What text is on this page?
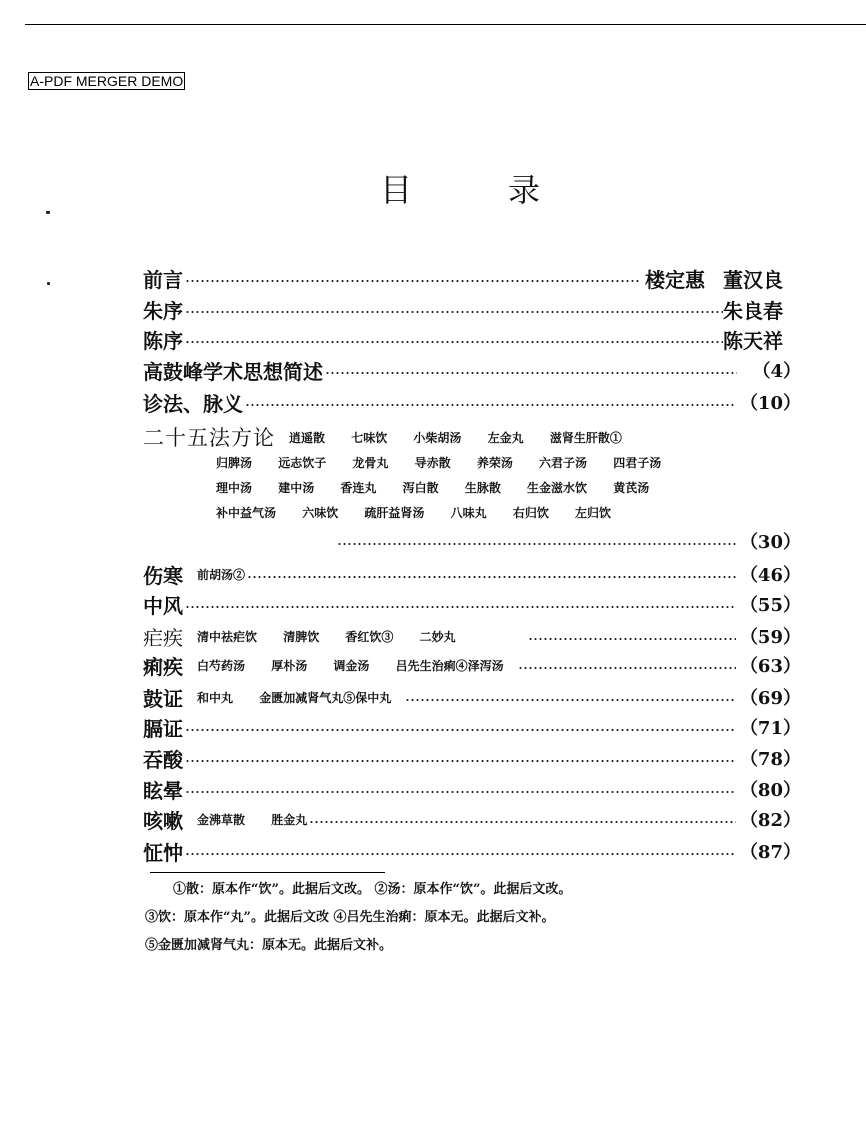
A-PDF MERGER DEMO
目	录
前言	楼定惠 董汉良
朱序	朱良春
陈序	陈天祥
高鼓峰学术思想简述	（4）
诊法、脉义	（10）
二十五法方论 逍遥散 七味饮 小柴胡汤 左金丸 滋肾生肝散①
归脾汤 远志饮子 龙骨丸 导赤散 养荣汤 六君子汤 四君子汤
理中汤 建中汤 香连丸 泻白散 生脉散 生金滋水饮 黄芪汤
补中益气汤 六味饮 疏肝益肾汤 八味丸 右归饮 左归饮
（30）
伤寒 前胡汤②	（46）
中风	（55）
疟疾 清中祛疟饮 清脾饮 香红饮③ 二妙丸	（59）
痢疾 白芍药汤 厚朴汤 调金汤 吕先生治痢④泽泻汤	（63）
鼓证 和中丸 金匮加减肾气丸⑤保中丸	（69）
膈证	（71）
吞酸	（78）
眩晕	（80）
咳嗽 金沸草散 胜金丸	（82）
怔忡	（87）
①散：原本作“饮”。此据后文改。 ②汤：原本作“饮”。此据后文改。
③饮：原本作“丸”。此据后文改 ④吕先生治痢：原本无。此据后文补。
⑤金匮加减肾气丸：原本无。此据后文补。
